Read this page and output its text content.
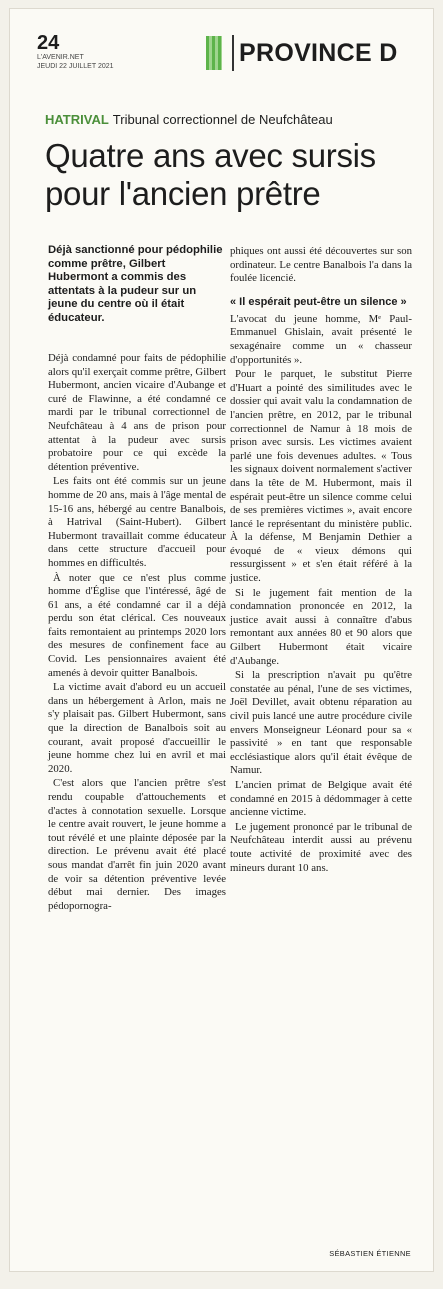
24
L'AVENIR.NET
JEUDI 22 JUILLET 2021	PROVINCE D
HATRIVAL Tribunal correctionnel de Neufchâteau
Quatre ans avec sursis pour l'ancien prêtre
Déjà sanctionné pour pédophilie comme prêtre, Gilbert Hubermont a commis des attentats à la pudeur sur un jeune du centre où il était éducateur.

Déjà condamné pour faits de pédophilie alors qu'il exerçait comme prêtre, Gilbert Hubermont, ancien vicaire d'Aubange et curé de Flawinne, a été condamné ce mardi par le tribunal correctionnel de Neufchâteau à 4 ans de prison pour attentat à la pudeur avec sursis probatoire pour ce qui excède la détention préventive.

Les faits ont été commis sur un jeune homme de 20 ans, mais à l'âge mental de 15-16 ans, hébergé au centre Banalbois, à Hatrival (Saint-Hubert). Gilbert Hubermont travaillait comme éducateur dans cette structure d'accueil pour hommes en difficultés.

À noter que ce n'est plus comme homme d'Église que l'intéressé, âgé de 61 ans, a été condamné car il a déjà perdu son état clérical. Ces nouveaux faits remontaient au printemps 2020 lors des mesures de confinement face au Covid. Les pensionnaires avaient été amenés à devoir quitter Banalbois.

La victime avait d'abord eu un accueil dans un hébergement à Arlon, mais ne s'y plaisait pas. Gilbert Hubermont, sans que la direction de Banalbois soit au courant, avait proposé d'accueillir le jeune homme chez lui en avril et mai 2020.

C'est alors que l'ancien prêtre s'est rendu coupable d'attouchements et d'actes à connotation sexuelle. Lorsque le centre avait rouvert, le jeune homme a tout révélé et une plainte déposée par la direction. Le prévenu avait été placé sous mandat d'arrêt fin juin 2020 avant de voir sa détention préventive levée début mai dernier. Des images pédopornogra-

phiques ont aussi été découvertes sur son ordinateur. Le centre Banalbois l'a dans la foulée licencié.

« Il espérait peut-être un silence »

L'avocat du jeune homme, Mᵉ Paul-Emmanuel Ghislain, avait présenté le sexagénaire comme un « chasseur d'opportunités ».

Pour le parquet, le substitut Pierre d'Huart a pointé des similitudes avec le dossier qui avait valu la condamnation de l'ancien prêtre, en 2012, par le tribunal correctionnel de Namur à 18 mois de prison avec sursis. Les victimes avaient parlé une fois devenues adultes. « Tous les signaux doivent normalement s'activer dans la tête de M. Hubermont, mais il espérait peut-être un silence comme celui de ses premières victimes », avait encore lancé le représentant du ministère public. À la défense, M Benjamin Dethier a évoqué de « vieux démons qui ressurgissent » et s'en était référé à la justice.

Si le jugement fait mention de la condamnation prononcée en 2012, la justice avait aussi à connaître d'abus remontant aux années 80 et 90 alors que Gilbert Hubermont était vicaire d'Aubange.

Si la prescription n'avait pu qu'être constatée au pénal, l'une de ses victimes, Joël Devillet, avait obtenu réparation au civil puis lancé une autre procédure civile envers Monseigneur Léonard pour sa « passivité » en tant que responsable ecclésiastique alors qu'il était évêque de Namur.

L'ancien primat de Belgique avait été condamné en 2015 à dédommager à cette ancienne victime.

Le jugement prononcé par le tribunal de Neufchâteau interdit aussi au prévenu toute activité de proximité avec des mineurs durant 10 ans.

SÉBASTIEN ÉTIENNE
